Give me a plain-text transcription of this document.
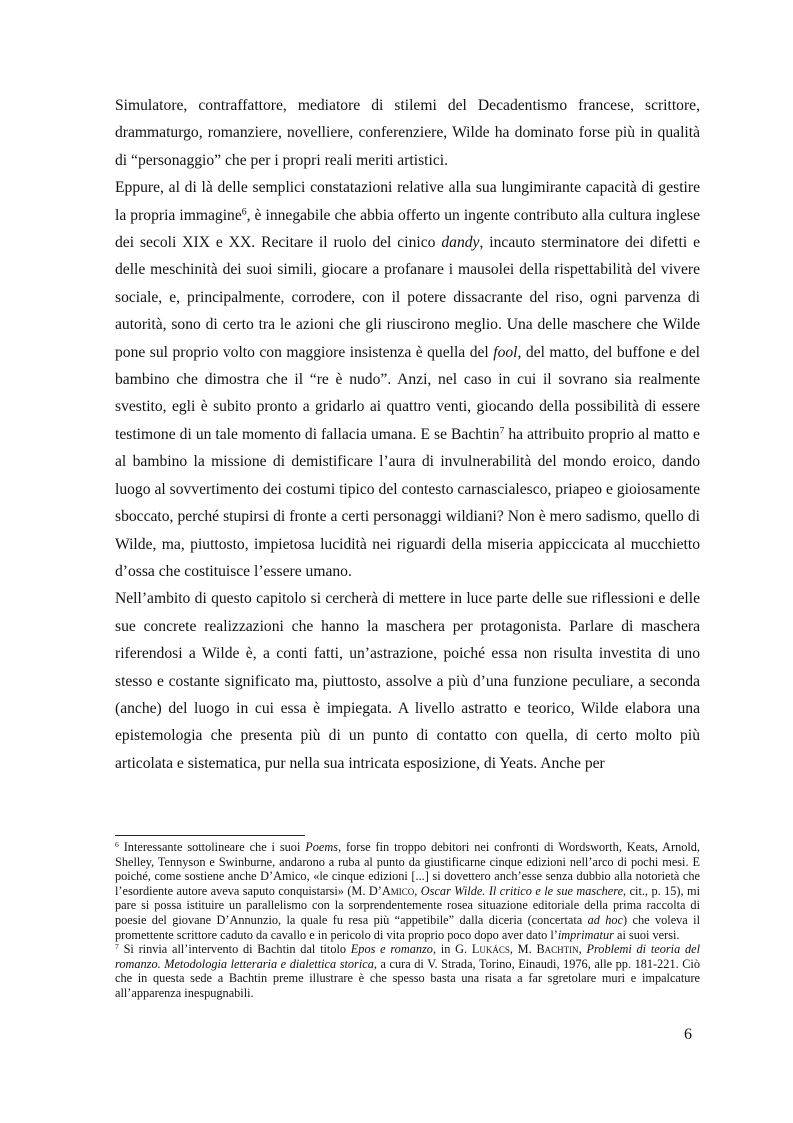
Simulatore, contraffattore, mediatore di stilemi del Decadentismo francese, scrittore, drammaturgo, romanziere, novelliere, conferenziere, Wilde ha dominato forse più in qualità di “personaggio” che per i propri reali meriti artistici.

Eppure, al di là delle semplici constatazioni relative alla sua lungimirante capacità di gestire la propria immagine$^6$, è innegabile che abbia offerto un ingente contributo alla cultura inglese dei secoli XIX e XX. Recitare il ruolo del cinico dandy, incauto sterminatore dei difetti e delle meschinità dei suoi simili, giocare a profanare i mausolei della rispettabilità del vivere sociale, e, principalmente, corrodere, con il potere dissacrante del riso, ogni parvenza di autorità, sono di certo tra le azioni che gli riuscirono meglio. Una delle maschere che Wilde pone sul proprio volto con maggiore insistenza è quella del fool, del matto, del buffone e del bambino che dimostra che il “re è nudo”. Anzi, nel caso in cui il sovrano sia realmente svestito, egli è subito pronto a gridarlo ai quattro venti, giocando della possibilità di essere testimone di un tale momento di fallacia umana. E se Bachtin$^7$ ha attribuito proprio al matto e al bambino la missione di demistificare l’aura di invulnerabilità del mondo eroico, dando luogo al sovvertimento dei costumi tipico del contesto carnascialesco, priapeo e gioiosamente sboccato, perché stupirsi di fronte a certi personaggi wildiani? Non è mero sadismo, quello di Wilde, ma, piuttosto, impietosa lucidità nei riguardi della miseria appiccicata al mucchietto d’ossa che costituisce l’essere umano.

Nell’ambito di questo capitolo si cercherà di mettere in luce parte delle sue riflessioni e delle sue concrete realizzazioni che hanno la maschera per protagonista. Parlare di maschera riferendosi a Wilde è, a conti fatti, un’astrazione, poiché essa non risulta investita di uno stesso e costante significato ma, piuttosto, assolve a più d’una funzione peculiare, a seconda (anche) del luogo in cui essa è impiegata. A livello astratto e teorico, Wilde elabora una epistemologia che presenta più di un punto di contatto con quella, di certo molto più articolata e sistematica, pur nella sua intricata esposizione, di Yeats. Anche per

$^6$ Interessante sottolineare che i suoi Poems, forse fin troppo debitori nei confronti di Wordsworth, Keats, Arnold, Shelley, Tennyson e Swinburne, andarono a ruba al punto da giustificarne cinque edizioni nell’arco di pochi mesi. E poiché, come sostiene anche D’Amico, «le cinque edizioni [...] si dovettero anch’esse senza dubbio alla notorietà che l’esordiente autore aveva saputo conquistarsi» (M. D’Amico, Oscar Wilde. Il critico e le sue maschere, cit., p. 15), mi pare si possa istituire un parallelismo con la sorprendentemente rosea situazione editoriale della prima raccolta di poesie del giovane D’Annunzio, la quale fu resa più “appetibile” dalla diceria (concertata ad hoc) che voleva il promettente scrittore caduto da cavallo e in pericolo di vita proprio poco dopo aver dato l’imprimatur ai suoi versi.

$^7$ Si rinvia all’intervento di Bachtin dal titolo Epos e romanzo, in G. Lukács, M. Bachtin, Problemi di teoria del romanzo. Metodologia letteraria e dialettica storica, a cura di V. Strada, Torino, Einaudi, 1976, alle pp. 181-221. Ciò che in questa sede a Bachtin preme illustrare è che spesso basta una risata a far sgretolare muri e impalcature all’apparenza inespugnabili.

6
